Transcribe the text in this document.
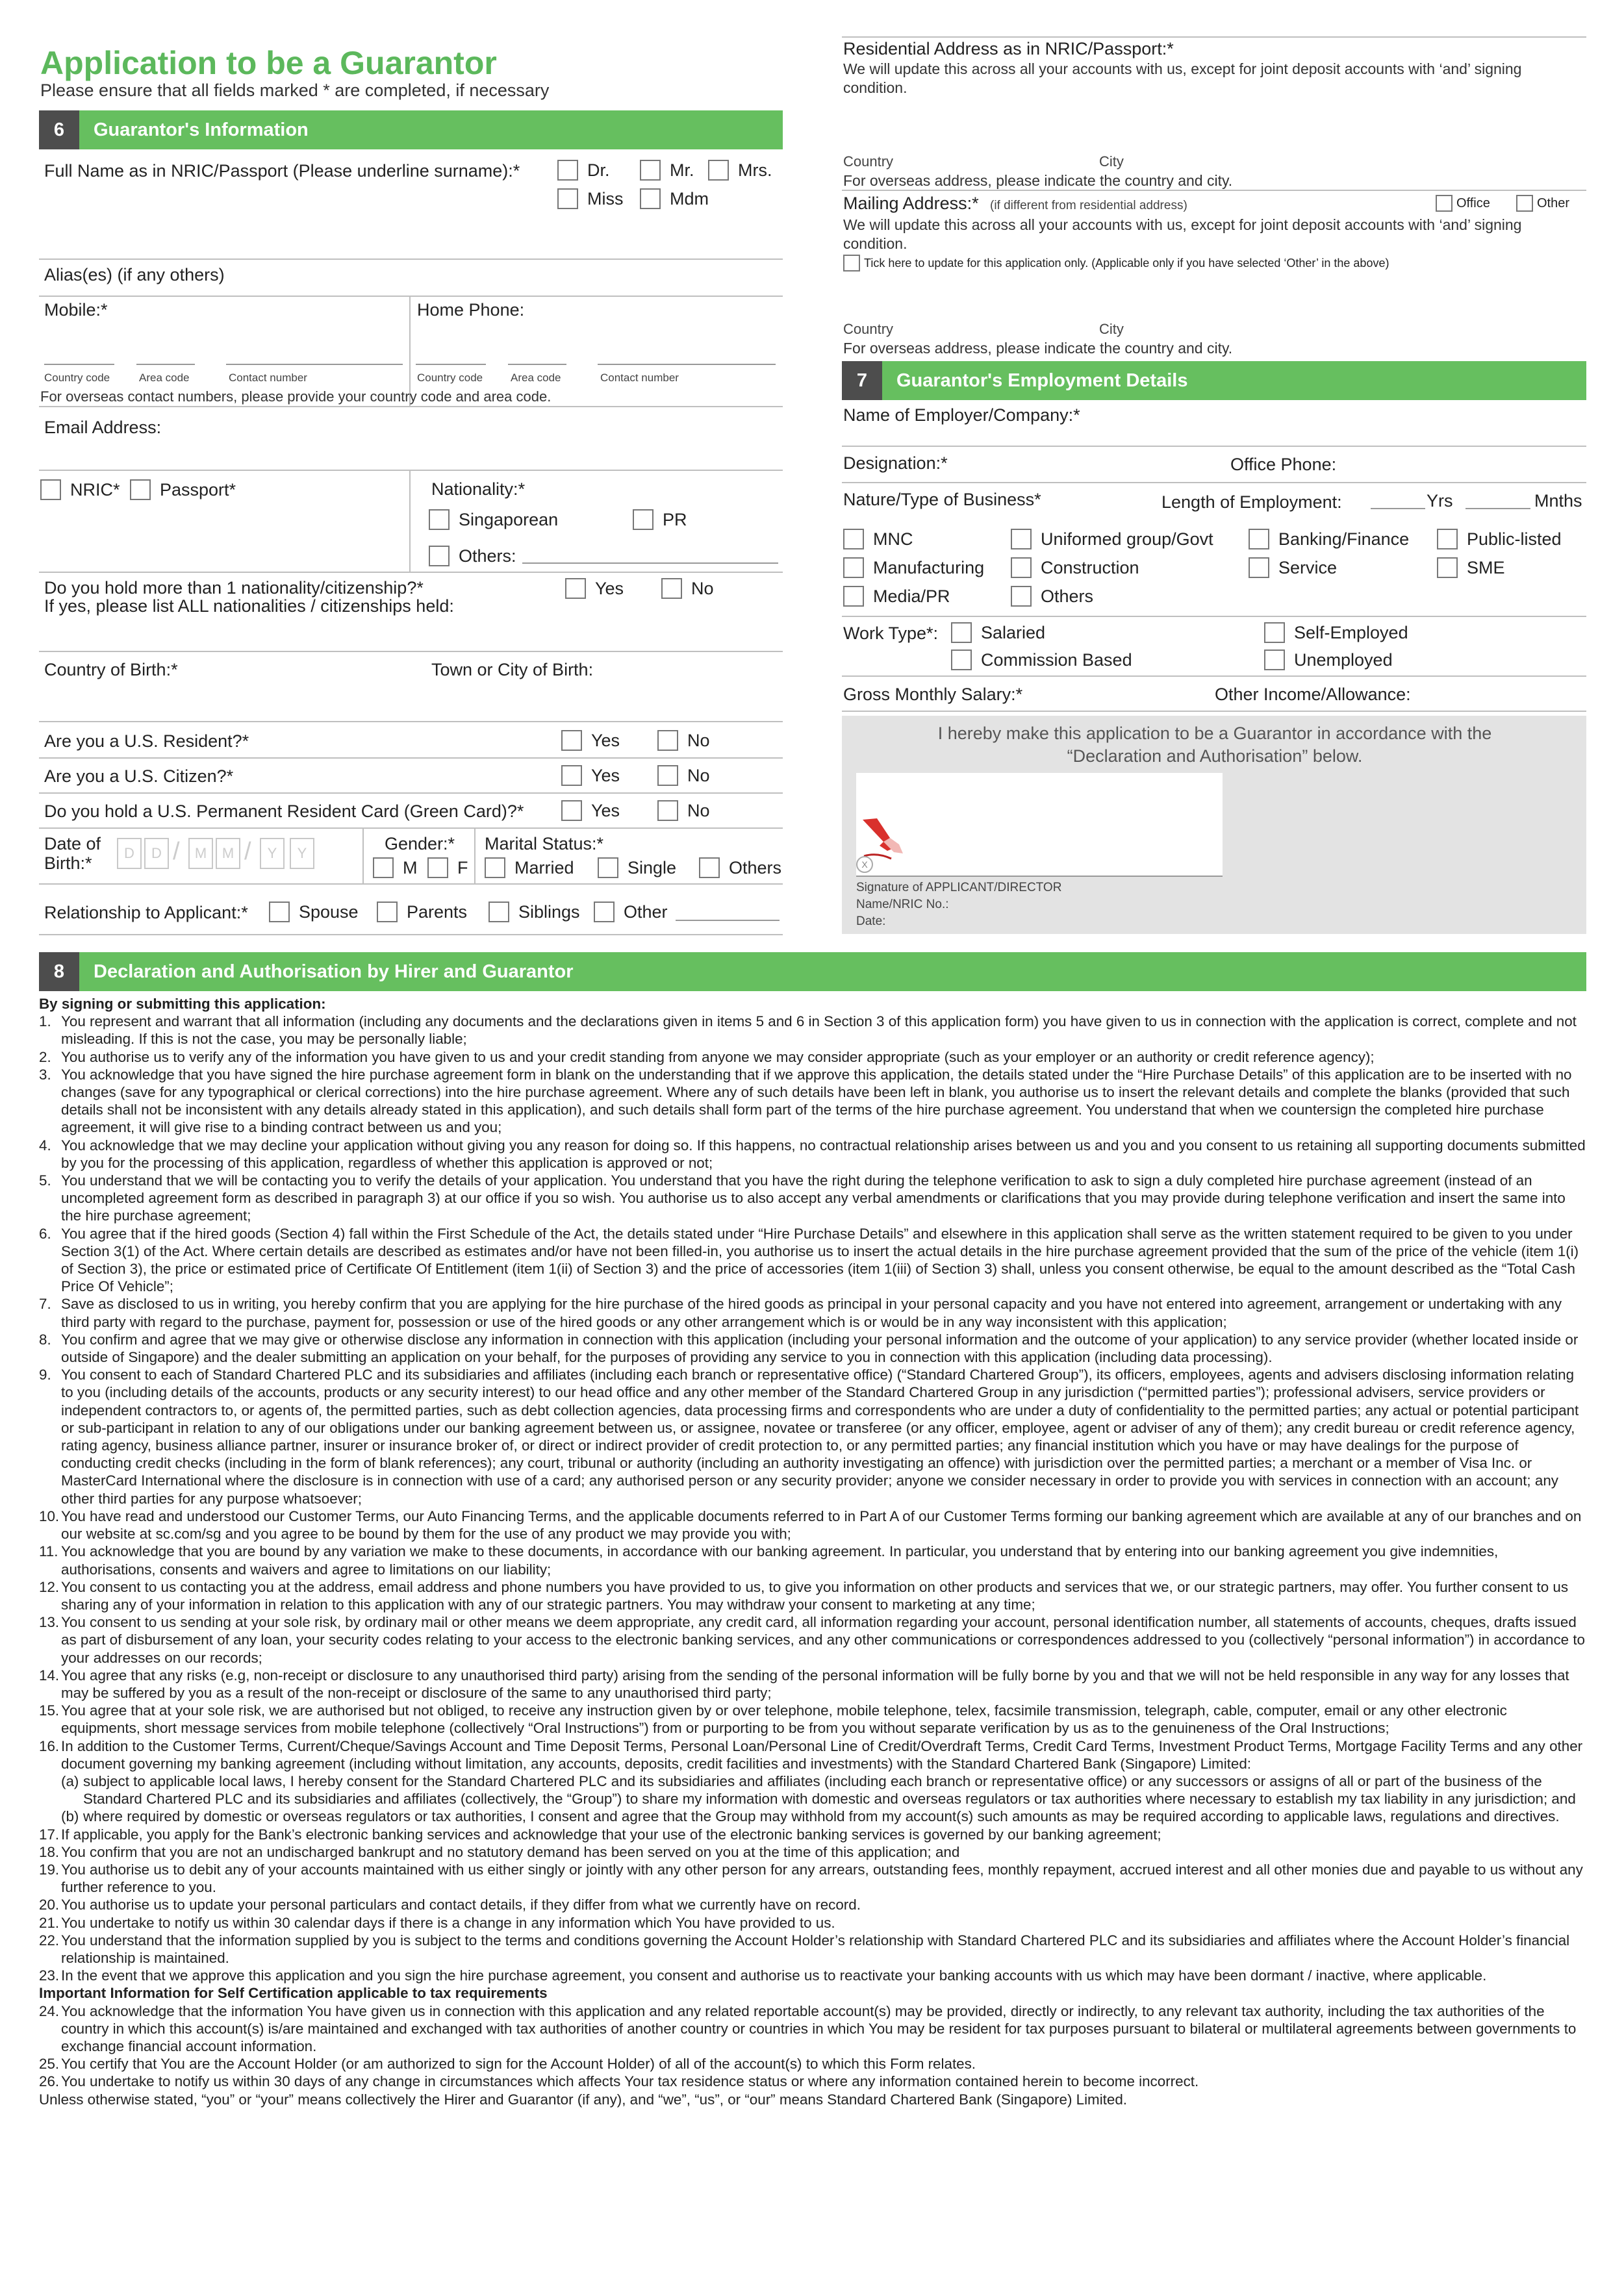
Application to be a Guarantor
Please ensure that all fields marked * are completed, if necessary
6	Guarantor's Information
Full Name as in NRIC/Passport (Please underline surname):*	Dr.	Mr.	Mrs.
Miss	Mdm
Alias(es) (if any others)
Mobile:*	Home Phone:
Country code	Area code	Contact number	Country code	Area code	Contact number
For overseas contact numbers, please provide your country code and area code.
Email Address:
NRIC* Passport*	Nationality:*
Singaporean	PR
Others:
Do you hold more than 1 nationality/citizenship?*
If yes, please list ALL nationalities / citizenships held:
Yes	No
Country of Birth:*	Town or City of Birth:
Are you a U.S. Resident?*	Yes	No
Are you a U.S. Citizen?*	Yes	No
Do you hold a U.S. Permanent Resident Card (Green Card)?*	Yes	No
Date of
Birth:*
D	D /	M	M /	Y	Y	Gender:*
M F
Marital Status:*
Married	Single	Others
Relationship to Applicant:*	Spouse	Parents	Siblings Other
Residential Address as in NRIC/Passport:*
We will update this across all your accounts with us, except for joint deposit accounts with ‘and’ signing condition.
Country	City
For overseas address, please indicate the country and city.
Mailing Address:* (if different from residential address)	Office	Other
We will update this across all your accounts with us, except for joint deposit accounts with ‘and’ signing condition.
Tick here to update for this application only. (Applicable only if you have selected ‘Other’ in the above)
Country	City
For overseas address, please indicate the country and city.
7	Guarantor's Employment Details
Name of Employer/Company:*
Designation:*	Office Phone:
Nature/Type of Business*	Length of Employment:	Yrs	Mnths
MNC	Uniformed group/Govt	Banking/Finance	Public-listed
Manufacturing	Construction	Service	SME
Media/PR	Others
Work Type*: Salaried	Self-Employed
Commission Based	Unemployed
Gross Monthly Salary:*	Other Income/Allowance:
I hereby make this application to be a Guarantor in accordance with the “Declaration and Authorisation” below.
X
Signature of APPLICANT/DIRECTOR
Name/NRIC No.:
Date:
8	Declaration and Authorisation by Hirer and Guarantor
By signing or submitting this application:
1. You represent and warrant that all information (including any documents and the declarations given in items 5 and 6 in Section 3 of this application form) you have given to us in connection with the application is correct, complete and not misleading. If this is not the case, you may be personally liable;
2. You authorise us to verify any of the information you have given to us and your credit standing from anyone we may consider appropriate (such as your employer or an authority or credit reference agency);
3. You acknowledge that you have signed the hire purchase agreement form in blank on the understanding that if we approve this application, the details stated under the “Hire Purchase Details” of this application are to be inserted with no changes (save for any typographical or clerical corrections) into the hire purchase agreement. Where any of such details have been left in blank, you authorise us to insert the relevant details and complete the blanks (provided that such details shall not be inconsistent with any details already stated in this application), and such details shall form part of the terms of the hire purchase agreement. You understand that when we countersign the completed hire purchase agreement, it will give rise to a binding contract between us and you;
4. You acknowledge that we may decline your application without giving you any reason for doing so. If this happens, no contractual relationship arises between us and you and you consent to us retaining all supporting documents submitted by you for the processing of this application, regardless of whether this application is approved or not;
5. You understand that we will be contacting you to verify the details of your application. You understand that you have the right during the telephone verification to ask to sign a duly completed hire purchase agreement (instead of an uncompleted agreement form as described in paragraph 3) at our office if you so wish. You authorise us to also accept any verbal amendments or clarifications that you may provide during telephone verification and insert the same into the hire purchase agreement;
6. You agree that if the hired goods (Section 4) fall within the First Schedule of the Act, the details stated under “Hire Purchase Details” and elsewhere in this application shall serve as the written statement required to be given to you under Section 3(1) of the Act. Where certain details are described as estimates and/or have not been filled-in, you authorise us to insert the actual details in the hire purchase agreement provided that the sum of the price of the vehicle (item 1(i) of Section 3), the price or estimated price of Certificate Of Entitlement (item 1(ii) of Section 3) and the price of accessories (item 1(iii) of Section 3) shall, unless you consent otherwise, be equal to the amount described as the “Total Cash Price Of Vehicle”;
7. Save as disclosed to us in writing, you hereby confirm that you are applying for the hire purchase of the hired goods as principal in your personal capacity and you have not entered into agreement, arrangement or undertaking with any third party with regard to the purchase, payment for, possession or use of the hired goods or any other arrangement which is or would be in any way inconsistent with this application;
8. You confirm and agree that we may give or otherwise disclose any information in connection with this application (including your personal information and the outcome of your application) to any service provider (whether located inside or outside of Singapore) and the dealer submitting an application on your behalf, for the purposes of providing any service to you in connection with this application (including data processing).
9. You consent to each of Standard Chartered PLC and its subsidiaries and affiliates (including each branch or representative office) (“Standard Chartered Group”), its officers, employees, agents and advisers disclosing information relating to you (including details of the accounts, products or any security interest) to our head office and any other member of the Standard Chartered Group in any jurisdiction (“permitted parties”); professional advisers, service providers or independent contractors to, or agents of, the permitted parties, such as debt collection agencies, data processing firms and correspondents who are under a duty of confidentiality to the permitted parties; any actual or potential participant or sub-participant in relation to any of our obligations under our banking agreement between us, or assignee, novatee or transferee (or any officer, employee, agent or adviser of any of them); any credit bureau or credit reference agency, rating agency, business alliance partner, insurer or insurance broker of, or direct or indirect provider of credit protection to, or any permitted parties; any financial institution which you have or may have dealings for the purpose of conducting credit checks (including in the form of blank references); any court, tribunal or authority (including an authority investigating an offence) with jurisdiction over the permitted parties; a merchant or a member of Visa Inc. or MasterCard International where the disclosure is in connection with use of a card; any authorised person or any security provider; anyone we consider necessary in order to provide you with services in connection with an account; any other third parties for any purpose whatsoever;
10. You have read and understood our Customer Terms, our Auto Financing Terms, and the applicable documents referred to in Part A of our Customer Terms forming our banking agreement which are available at any of our branches and on our website at sc.com/sg and you agree to be bound by them for the use of any product we may provide you with;
11. You acknowledge that you are bound by any variation we make to these documents, in accordance with our banking agreement. In particular, you understand that by entering into our banking agreement you give indemnities, authorisations, consents and waivers and agree to limitations on our liability;
12. You consent to us contacting you at the address, email address and phone numbers you have provided to us, to give you information on other products and services that we, or our strategic partners, may offer. You further consent to us sharing any of your information in relation to this application with any of our strategic partners. You may withdraw your consent to marketing at any time;
13. You consent to us sending at your sole risk, by ordinary mail or other means we deem appropriate, any credit card, all information regarding your account, personal identification number, all statements of accounts, cheques, drafts issued as part of disbursement of any loan, your security codes relating to your access to the electronic banking services, and any other communications or correspondences addressed to you (collectively “personal information”) in accordance to your addresses on our records;
14. You agree that any risks (e.g, non-receipt or disclosure to any unauthorised third party) arising from the sending of the personal information will be fully borne by you and that we will not be held responsible in any way for any losses that may be suffered by you as a result of the non-receipt or disclosure of the same to any unauthorised third party;
15. You agree that at your sole risk, we are authorised but not obliged, to receive any instruction given by or over telephone, mobile telephone, telex, facsimile transmission, telegraph, cable, computer, email or any other electronic equipments, short message services from mobile telephone (collectively “Oral Instructions”) from or purporting to be from you without separate verification by us as to the genuineness of the Oral Instructions;
16. In addition to the Customer Terms, Current/Cheque/Savings Account and Time Deposit Terms, Personal Loan/Personal Line of Credit/Overdraft Terms, Credit Card Terms, Investment Product Terms, Mortgage Facility Terms and any other document governing my banking agreement (including without limitation, any accounts, deposits, credit facilities and investments) with the Standard Chartered Bank (Singapore) Limited:
(a) subject to applicable local laws, I hereby consent for the Standard Chartered PLC and its subsidiaries and affiliates (including each branch or representative office) or any successors or assigns of all or part of the business of the Standard Chartered PLC and its subsidiaries and affiliates (collectively, the “Group”) to share my information with domestic and overseas regulators or tax authorities where necessary to establish my tax liability in any jurisdiction; and
(b) where required by domestic or overseas regulators or tax authorities, I consent and agree that the Group may withhold from my account(s) such amounts as may be required according to applicable laws, regulations and directives.
17. If applicable, you apply for the Bank’s electronic banking services and acknowledge that your use of the electronic banking services is governed by our banking agreement;
18. You confirm that you are not an undischarged bankrupt and no statutory demand has been served on you at the time of this application; and
19. You authorise us to debit any of your accounts maintained with us either singly or jointly with any other person for any arrears, outstanding fees, monthly repayment, accrued interest and all other monies due and payable to us without any further reference to you.
20. You authorise us to update your personal particulars and contact details, if they differ from what we currently have on record.
21. You undertake to notify us within 30 calendar days if there is a change in any information which You have provided to us.
22. You understand that the information supplied by you is subject to the terms and conditions governing the Account Holder’s relationship with Standard Chartered PLC and its subsidiaries and affiliates where the Account Holder’s financial relationship is maintained.
23. In the event that we approve this application and you sign the hire purchase agreement, you consent and authorise us to reactivate your banking accounts with us which may have been dormant / inactive, where applicable.
Important Information for Self Certification applicable to tax requirements
24. You acknowledge that the information You have given us in connection with this application and any related reportable account(s) may be provided, directly or indirectly, to any relevant tax authority, including the tax authorities of the country in which this account(s) is/are maintained and exchanged with tax authorities of another country or countries in which You may be resident for tax purposes pursuant to bilateral or multilateral agreements between governments to exchange financial account information.
25. You certify that You are the Account Holder (or am authorized to sign for the Account Holder) of all of the account(s) to which this Form relates.
26. You undertake to notify us within 30 days of any change in circumstances which affects Your tax residence status or where any information contained herein to become incorrect.
Unless otherwise stated, “you” or “your” means collectively the Hirer and Guarantor (if any), and “we”, “us”, or “our” means Standard Chartered Bank (Singapore) Limited.
